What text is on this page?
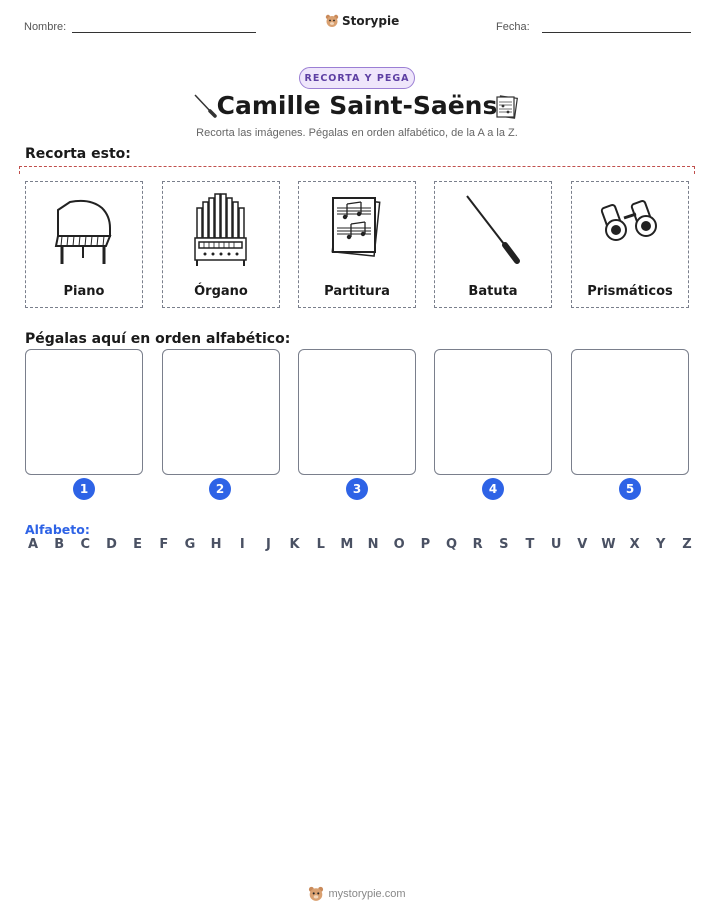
Nombre:	Storypie	Fecha:
RECORTA Y PEGA
Camille Saint-Saëns
Recorta las imágenes. Pégalas en orden alfabético, de la A a la Z.
Recorta esto:
Piano	Órgano	Partitura	Batuta	Prismáticos
Pégalas aquí en orden alfabético:
1	2	3	4	5
Alfabeto:
A B C D E F G H	I	J	K L M N O P Q R S T U V W X Y Z
mystorypie.com
